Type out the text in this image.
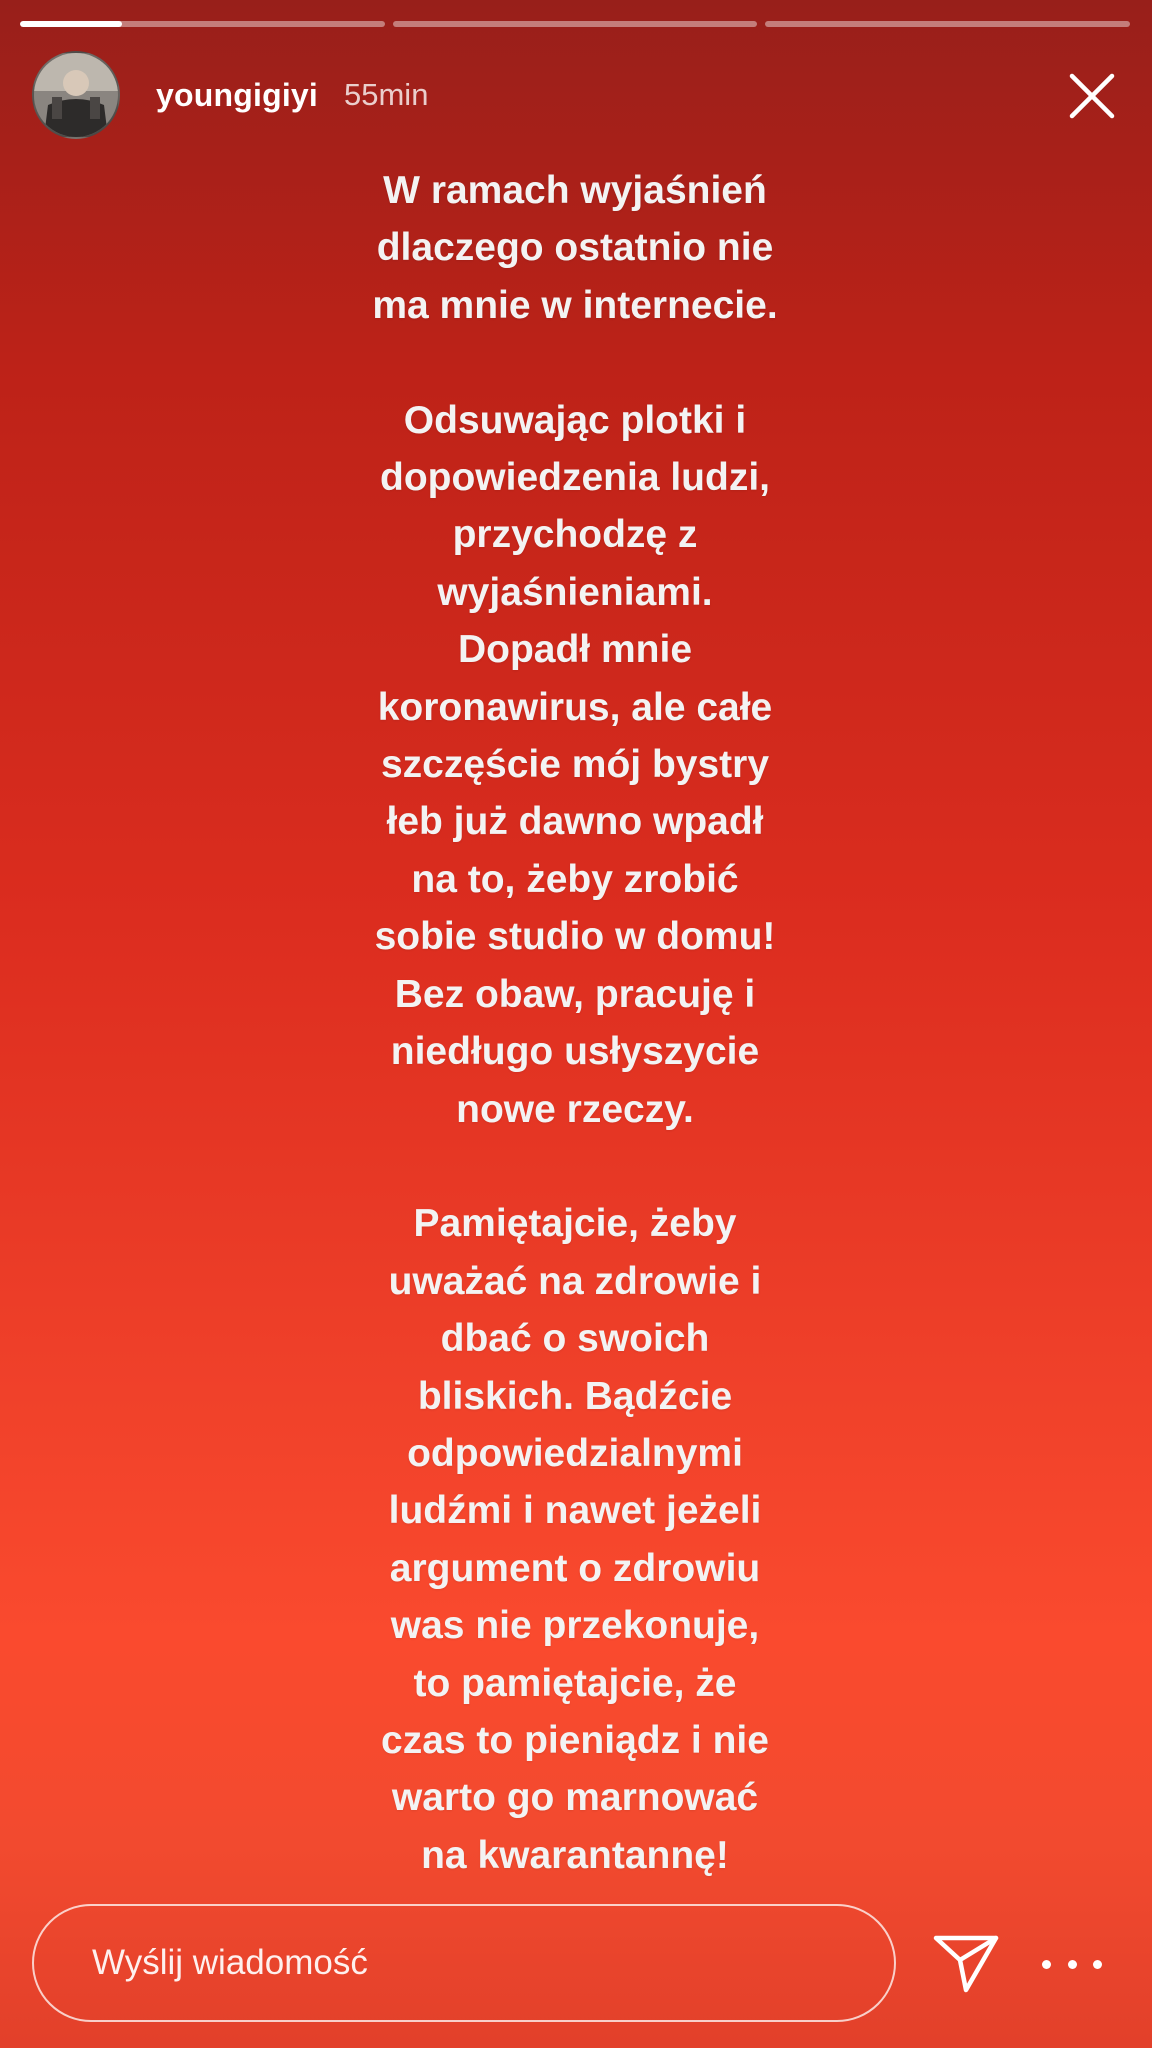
youngigiyi 55min
W ramach wyjaśnień
dlaczego ostatnio nie
ma mnie w internecie.

Odsuwając plotki i
dopowiedzenia ludzi,
przychodzę z
wyjaśnieniami.
Dopadł mnie
koronawirus, ale całe
szczęście mój bystry
łeb już dawno wpadł
na to, żeby zrobić
sobie studio w domu!
Bez obaw, pracuję i
niedługo usłyszycie
nowe rzeczy.

Pamiętajcie, żeby
uważać na zdrowie i
dbać o swoich
bliskich. Bądźcie
odpowiedzialnymi
ludźmi i nawet jeżeli
argument o zdrowiu
was nie przekonuje,
to pamiętajcie, że
czas to pieniądz i nie
warto go marnować
na kwarantannę!
Wyślij wiadomość
